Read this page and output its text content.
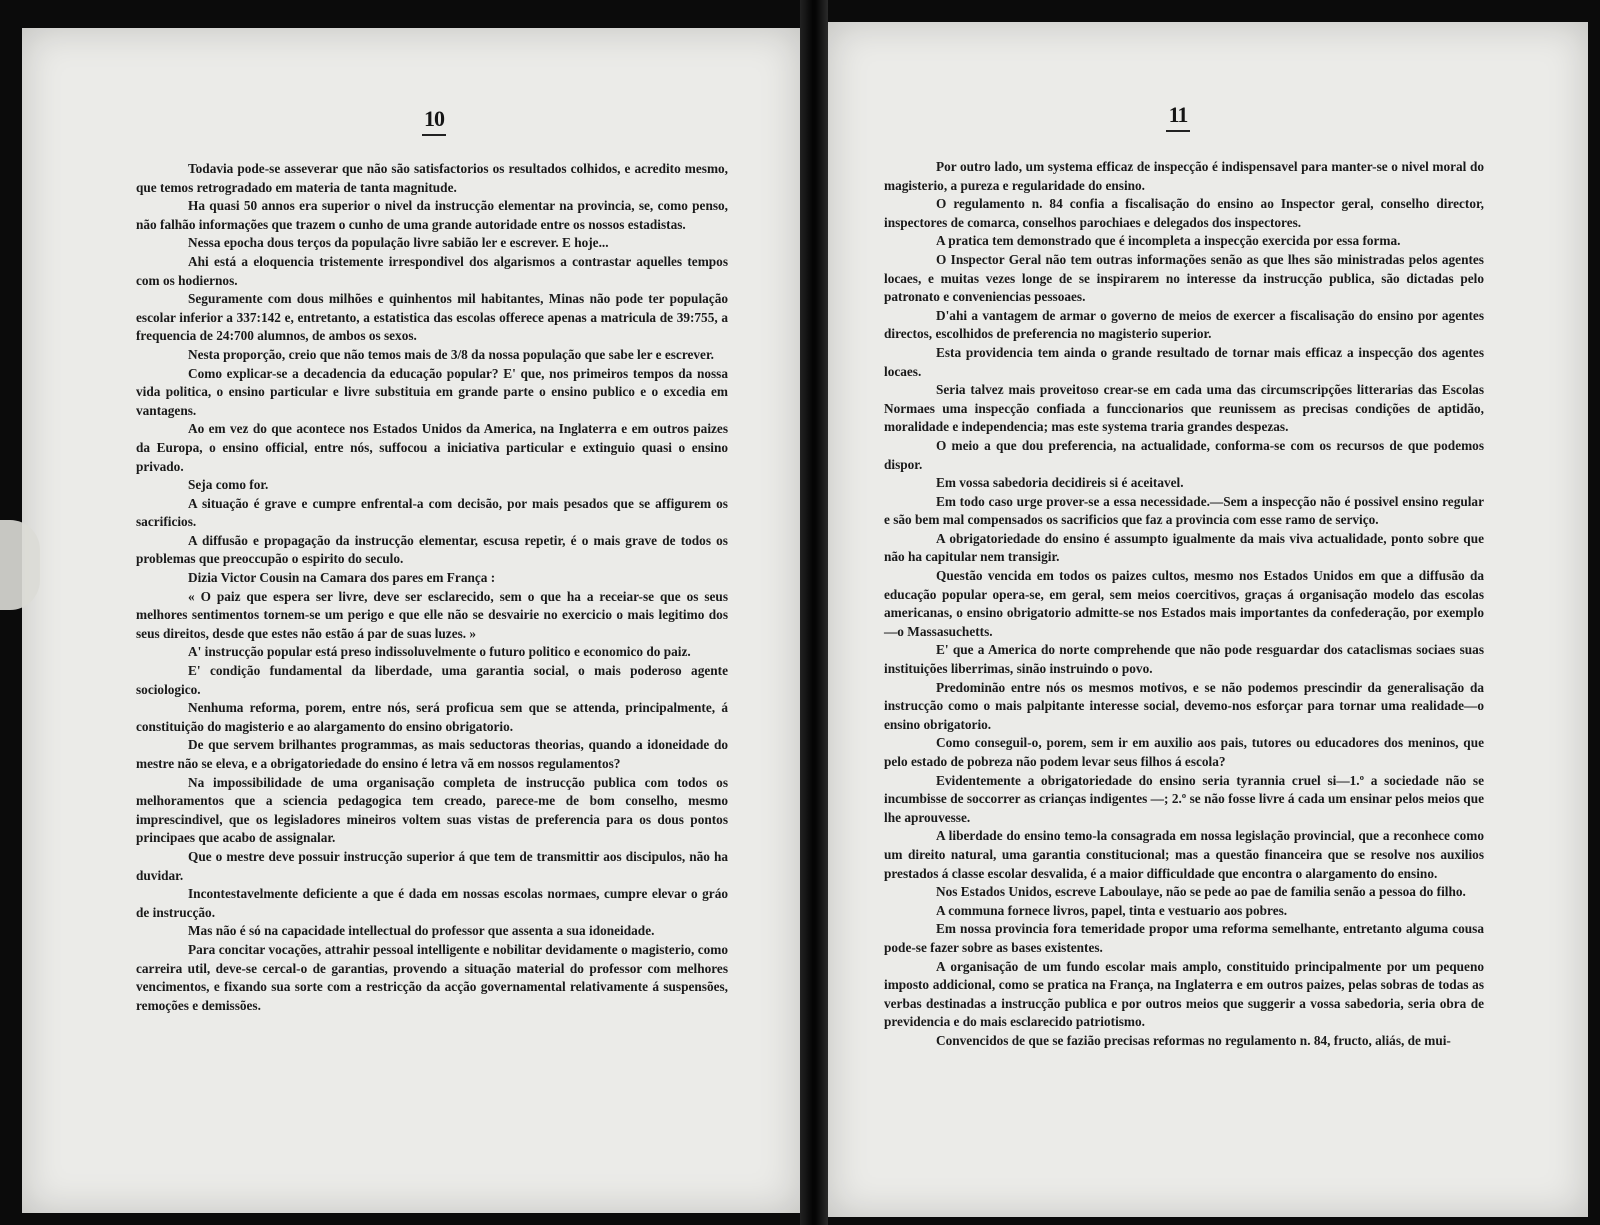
10

Todavia pode-se asseverar que não são satisfactorios os resultados colhidos, e acredito mesmo, que temos retrogradado em materia de tanta magnitude.

Ha quasi 50 annos era superior o nivel da instrucção elementar na provincia, se, como penso, não falhão informações que trazem o cunho de uma grande autoridade entre os nossos estadistas.

Nessa epocha dous terços da população livre sabião ler e escrever. E hoje...

Ahi está a eloquencia tristemente irrespondivel dos algarismos a contrastar aquelles tempos com os hodiernos.

Seguramente com dous milhões e quinhentos mil habitantes, Minas não pode ter população escolar inferior a 337:142 e, entretanto, a estatistica das escolas offerece apenas a matricula de 39:755, a frequencia de 24:700 alumnos, de ambos os sexos.

Nesta proporção, creio que não temos mais de 3/8 da nossa população que sabe ler e escrever.

Como explicar-se a decadencia da educação popular? E' que, nos primeiros tempos da nossa vida politica, o ensino particular e livre substituia em grande parte o ensino publico e o excedia em vantagens.

Ao em vez do que acontece nos Estados Unidos da America, na Inglaterra e em outros paizes da Europa, o ensino official, entre nós, suffocou a iniciativa particular e extinguio quasi o ensino privado.

Seja como for.

A situação é grave e cumpre enfrental-a com decisão, por mais pesados que se affigurem os sacrificios.

A diffusão e propagação da instrucção elementar, escusa repetir, é o mais grave de todos os problemas que preoccupão o espirito do seculo.

Dizia Victor Cousin na Camara dos pares em França :

« O paiz que espera ser livre, deve ser esclarecido, sem o que ha a receiar-se que os seus melhores sentimentos tornem-se um perigo e que elle não se desvairie no exercicio o mais legitimo dos seus direitos, desde que estes não estão á par de suas luzes. »

A' instrucção popular está preso indissoluvelmente o futuro politico e economico do paiz.

E' condição fundamental da liberdade, uma garantia social, o mais poderoso agente sociologico.

Nenhuma reforma, porem, entre nós, será proficua sem que se attenda, principalmente, á constituição do magisterio e ao alargamento do ensino obrigatorio.

De que servem brilhantes programmas, as mais seductoras theorias, quando a idoneidade do mestre não se eleva, e a obrigatoriedade do ensino é letra vã em nossos regulamentos?

Na impossibilidade de uma organisação completa de instrucção publica com todos os melhoramentos que a sciencia pedagogica tem creado, parece-me de bom conselho, mesmo imprescindivel, que os legisladores mineiros voltem suas vistas de preferencia para os dous pontos principaes que acabo de assignalar.

Que o mestre deve possuir instrucção superior á que tem de transmittir aos discipulos, não ha duvidar.

Incontestavelmente deficiente a que é dada em nossas escolas normaes, cumpre elevar o gráo de instrucção.

Mas não é só na capacidade intellectual do professor que assenta a sua idoneidade.

Para concitar vocações, attrahir pessoal intelligente e nobilitar devidamente o magisterio, como carreira util, deve-se cercal-o de garantias, provendo a situação material do professor com melhores vencimentos, e fixando sua sorte com a restricção da acção governamental relativamente á suspensões, remoções e demissões.

11

Por outro lado, um systema efficaz de inspecção é indispensavel para manter-se o nivel moral do magisterio, a pureza e regularidade do ensino.

O regulamento n. 84 confia a fiscalisação do ensino ao Inspector geral, conselho director, inspectores de comarca, conselhos parochiaes e delegados dos inspectores.

A pratica tem demonstrado que é incompleta a inspecção exercida por essa forma.

O Inspector Geral não tem outras informações senão as que lhes são ministradas pelos agentes locaes, e muitas vezes longe de se inspirarem no interesse da instrucção publica, são dictadas pelo patronato e conveniencias pessoaes.

D'ahi a vantagem de armar o governo de meios de exercer a fiscalisação do ensino por agentes directos, escolhidos de preferencia no magisterio superior.

Esta providencia tem ainda o grande resultado de tornar mais efficaz a inspecção dos agentes locaes.

Seria talvez mais proveitoso crear-se em cada uma das circumscripções litterarias das Escolas Normaes uma inspecção confiada a funccionarios que reunissem as precisas condições de aptidão, moralidade e independencia; mas este systema traria grandes despezas.

O meio a que dou preferencia, na actualidade, conforma-se com os recursos de que podemos dispor.

Em vossa sabedoria decidireis si é aceitavel.

Em todo caso urge prover-se a essa necessidade.—Sem a inspecção não é possivel ensino regular e são bem mal compensados os sacrificios que faz a provincia com esse ramo de serviço.

A obrigatoriedade do ensino é assumpto igualmente da mais viva actualidade, ponto sobre que não ha capitular nem transigir.

Questão vencida em todos os paizes cultos, mesmo nos Estados Unidos em que a diffusão da educação popular opera-se, em geral, sem meios coercitivos, graças á organisação modelo das escolas americanas, o ensino obrigatorio admitte-se nos Estados mais importantes da confederação, por exemplo—o Massasuchetts.

E' que a America do norte comprehende que não pode resguardar dos cataclismas sociaes suas instituições liberrimas, sinão instruindo o povo.

Predominão entre nós os mesmos motivos, e se não podemos prescindir da generalisação da instrucção como o mais palpitante interesse social, devemo-nos esforçar para tornar uma realidade—o ensino obrigatorio.

Como conseguil-o, porem, sem ir em auxilio aos pais, tutores ou educadores dos meninos, que pelo estado de pobreza não podem levar seus filhos á escola?

Evidentemente a obrigatoriedade do ensino seria tyrannia cruel si—1.º a sociedade não se incumbisse de soccorrer as crianças indigentes —; 2.º se não fosse livre á cada um ensinar pelos meios que lhe aprouvesse.

A liberdade do ensino temo-la consagrada em nossa legislação provincial, que a reconhece como um direito natural, uma garantia constitucional; mas a questão financeira que se resolve nos auxilios prestados á classe escolar desvalida, é a maior difficuldade que encontra o alargamento do ensino.

Nos Estados Unidos, escreve Laboulaye, não se pede ao pae de familia senão a pessoa do filho.

A communa fornece livros, papel, tinta e vestuario aos pobres.

Em nossa provincia fora temeridade propor uma reforma semelhante, entretanto alguma cousa pode-se fazer sobre as bases existentes.

A organisação de um fundo escolar mais amplo, constituido principalmente por um pequeno imposto addicional, como se pratica na França, na Inglaterra e em outros paizes, pelas sobras de todas as verbas destinadas a instrucção publica e por outros meios que suggerir a vossa sabedoria, seria obra de previdencia e do mais esclarecido patriotismo.

Convencidos de que se fazião precisas reformas no regulamento n. 84, fructo, aliás, de mui-
